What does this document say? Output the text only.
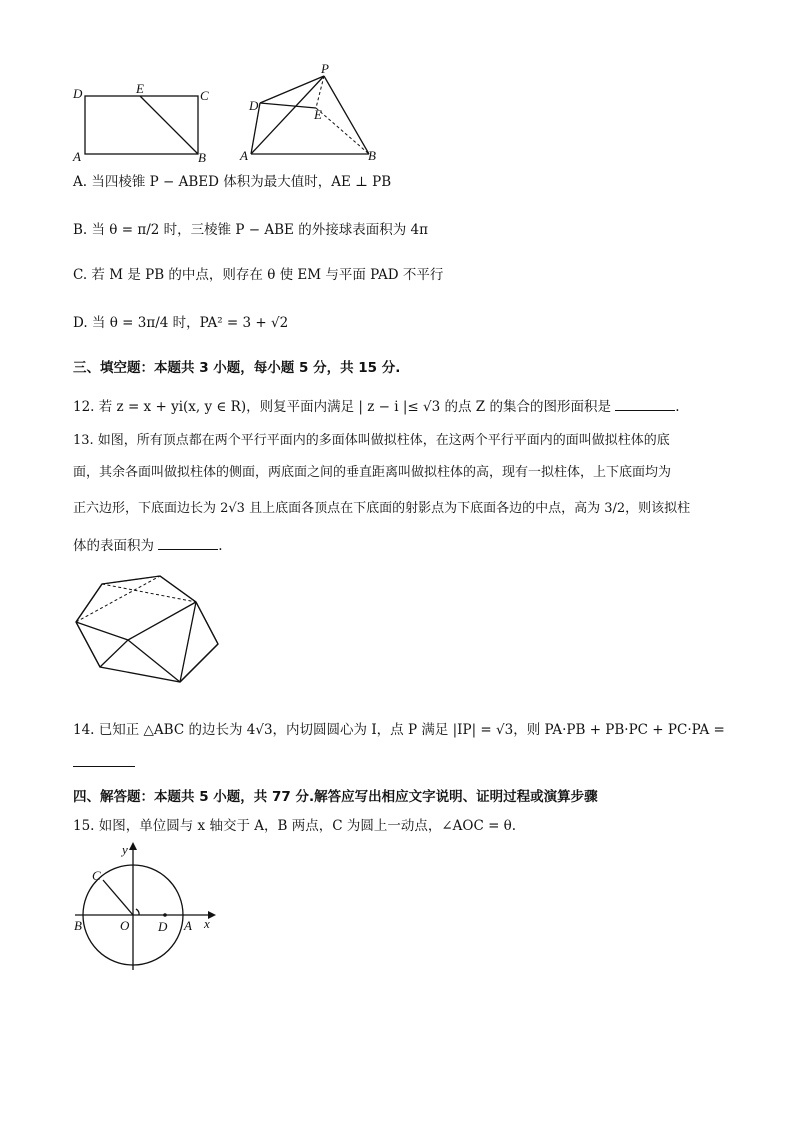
D	E	C
A	B
P
D
E
A	B
A. 当四棱锥 P − ABED 体积为最大值时，AE ⊥ PB
B. 当 θ = π/2 时，三棱锥 P − ABE 的外接球表面积为 4π
C. 若 M 是 PB 的中点，则存在 θ 使 EM 与平面 PAD 不平行
D. 当 θ = 3π/4 时，PA² = 3 + √2
三、填空题：本题共 3 小题，每小题 5 分，共 15 分.
12. 若 z = x + yi(x, y ∈ R)，则复平面内满足 | z − i |≤ √3 的点 Z 的集合的图形面积是	.
13. 如图，所有顶点都在两个平行平面内的多面体叫做拟柱体，在这两个平行平面内的面叫做拟柱体的底
面，其余各面叫做拟柱体的侧面，两底面之间的垂直距离叫做拟柱体的高，现有一拟柱体，上下底面均为
正六边形，下底面边长为 2√3 且上底面各顶点在下底面的射影点为下底面各边的中点，高为 3/2，则该拟柱
体的表面积为	.
14. 已知正 △ABC 的边长为 4√3，内切圆圆心为 I，点 P 满足 |IP| = √3，则 PA·PB + PB·PC + PC·PA =
四、解答题：本题共 5 小题，共 77 分.解答应写出相应文字说明、证明过程或演算步骤
15. 如图，单位圆与 x 轴交于 A，B 两点，C 为圆上一动点，∠AOC = θ.
y
C
B	O D A x
